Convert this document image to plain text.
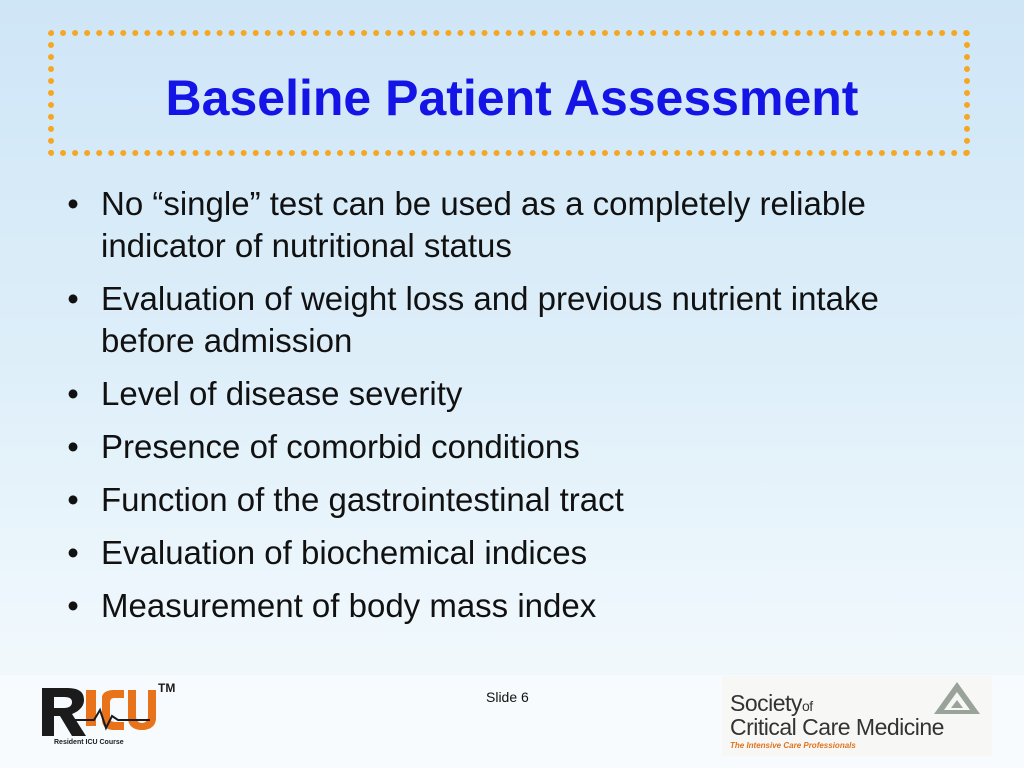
Baseline Patient Assessment
• No “single” test can be used as a completely reliable indicator of nutritional status
• Evaluation of weight loss and previous nutrient intake before admission
• Level of disease severity
• Presence of comorbid conditions
• Function of the gastrointestinal tract
• Evaluation of biochemical indices
• Measurement of body mass index
TM
Resident ICU Course
Slide 6	Societyof
Critical Care Medicine
The Intensive Care Professionals
